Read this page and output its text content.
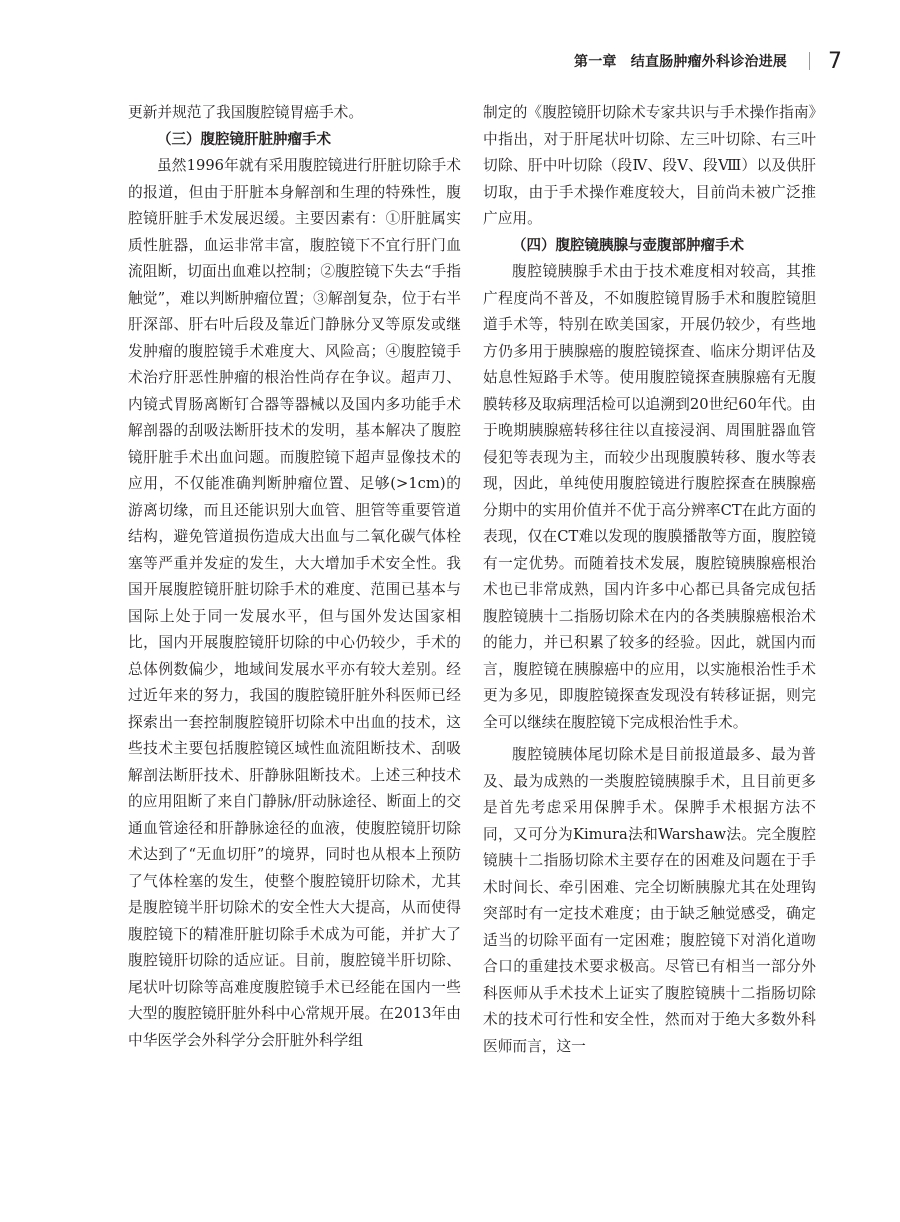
第一章　结直肠肿瘤外科诊治进展 7

更新并规范了我国腹腔镜胃癌手术。

（三）腹腔镜肝脏肿瘤手术

虽然1996年就有采用腹腔镜进行肝脏切除手术的报道，但由于肝脏本身解剖和生理的特殊性，腹腔镜肝脏手术发展迟缓。主要因素有：①肝脏属实质性脏器，血运非常丰富，腹腔镜下不宜行肝门血流阻断，切面出血难以控制；②腹腔镜下失去“手指触觉”，难以判断肿瘤位置；③解剖复杂，位于右半肝深部、肝右叶后段及靠近门静脉分叉等原发或继发肿瘤的腹腔镜手术难度大、风险高；④腹腔镜手术治疗肝恶性肿瘤的根治性尚存在争议。超声刀、内镜式胃肠离断钉合器等器械以及国内多功能手术解剖器的刮吸法断肝技术的发明，基本解决了腹腔镜肝脏手术出血问题。而腹腔镜下超声显像技术的应用，不仅能准确判断肿瘤位置、足够(>1cm)的游离切缘，而且还能识别大血管、胆管等重要管道结构，避免管道损伤造成大出血与二氧化碳气体栓塞等严重并发症的发生，大大增加手术安全性。我国开展腹腔镜肝脏切除手术的难度、范围已基本与国际上处于同一发展水平，但与国外发达国家相比，国内开展腹腔镜肝切除的中心仍较少，手术的总体例数偏少，地域间发展水平亦有较大差别。经过近年来的努力，我国的腹腔镜肝脏外科医师已经探索出一套控制腹腔镜肝切除术中出血的技术，这些技术主要包括腹腔镜区域性血流阻断技术、刮吸解剖法断肝技术、肝静脉阻断技术。上述三种技术的应用阻断了来自门静脉/肝动脉途径、断面上的交通血管途径和肝静脉途径的血液，使腹腔镜肝切除术达到了“无血切肝”的境界，同时也从根本上预防了气体栓塞的发生，使整个腹腔镜肝切除术，尤其是腹腔镜半肝切除术的安全性大大提高，从而使得腹腔镜下的精准肝脏切除手术成为可能，并扩大了腹腔镜肝切除的适应证。目前，腹腔镜半肝切除、尾状叶切除等高难度腹腔镜手术已经能在国内一些大型的腹腔镜肝脏外科中心常规开展。在2013年由中华医学会外科学分会肝脏外科学组

制定的《腹腔镜肝切除术专家共识与手术操作指南》中指出，对于肝尾状叶切除、左三叶切除、右三叶切除、肝中叶切除（段Ⅳ、段Ⅴ、段Ⅷ）以及供肝切取，由于手术操作难度较大，目前尚未被广泛推广应用。

（四）腹腔镜胰腺与壶腹部肿瘤手术

腹腔镜胰腺手术由于技术难度相对较高，其推广程度尚不普及，不如腹腔镜胃肠手术和腹腔镜胆道手术等，特别在欧美国家，开展仍较少，有些地方仍多用于胰腺癌的腹腔镜探查、临床分期评估及姑息性短路手术等。使用腹腔镜探查胰腺癌有无腹膜转移及取病理活检可以追溯到20世纪60年代。由于晚期胰腺癌转移往往以直接浸润、周围脏器血管侵犯等表现为主，而较少出现腹膜转移、腹水等表现，因此，单纯使用腹腔镜进行腹腔探查在胰腺癌分期中的实用价值并不优于高分辨率CT在此方面的表现，仅在CT难以发现的腹膜播散等方面，腹腔镜有一定优势。而随着技术发展，腹腔镜胰腺癌根治术也已非常成熟，国内许多中心都已具备完成包括腹腔镜胰十二指肠切除术在内的各类胰腺癌根治术的能力，并已积累了较多的经验。因此，就国内而言，腹腔镜在胰腺癌中的应用，以实施根治性手术更为多见，即腹腔镜探查发现没有转移证据，则完全可以继续在腹腔镜下完成根治性手术。

腹腔镜胰体尾切除术是目前报道最多、最为普及、最为成熟的一类腹腔镜胰腺手术，且目前更多是首先考虑采用保脾手术。保脾手术根据方法不同，又可分为Kimura法和Warshaw法。完全腹腔镜胰十二指肠切除术主要存在的困难及问题在于手术时间长、牵引困难、完全切断胰腺尤其在处理钩突部时有一定技术难度；由于缺乏触觉感受，确定适当的切除平面有一定困难；腹腔镜下对消化道吻合口的重建技术要求极高。尽管已有相当一部分外科医师从手术技术上证实了腹腔镜胰十二指肠切除术的技术可行性和安全性，然而对于绝大多数外科医师而言，这一
